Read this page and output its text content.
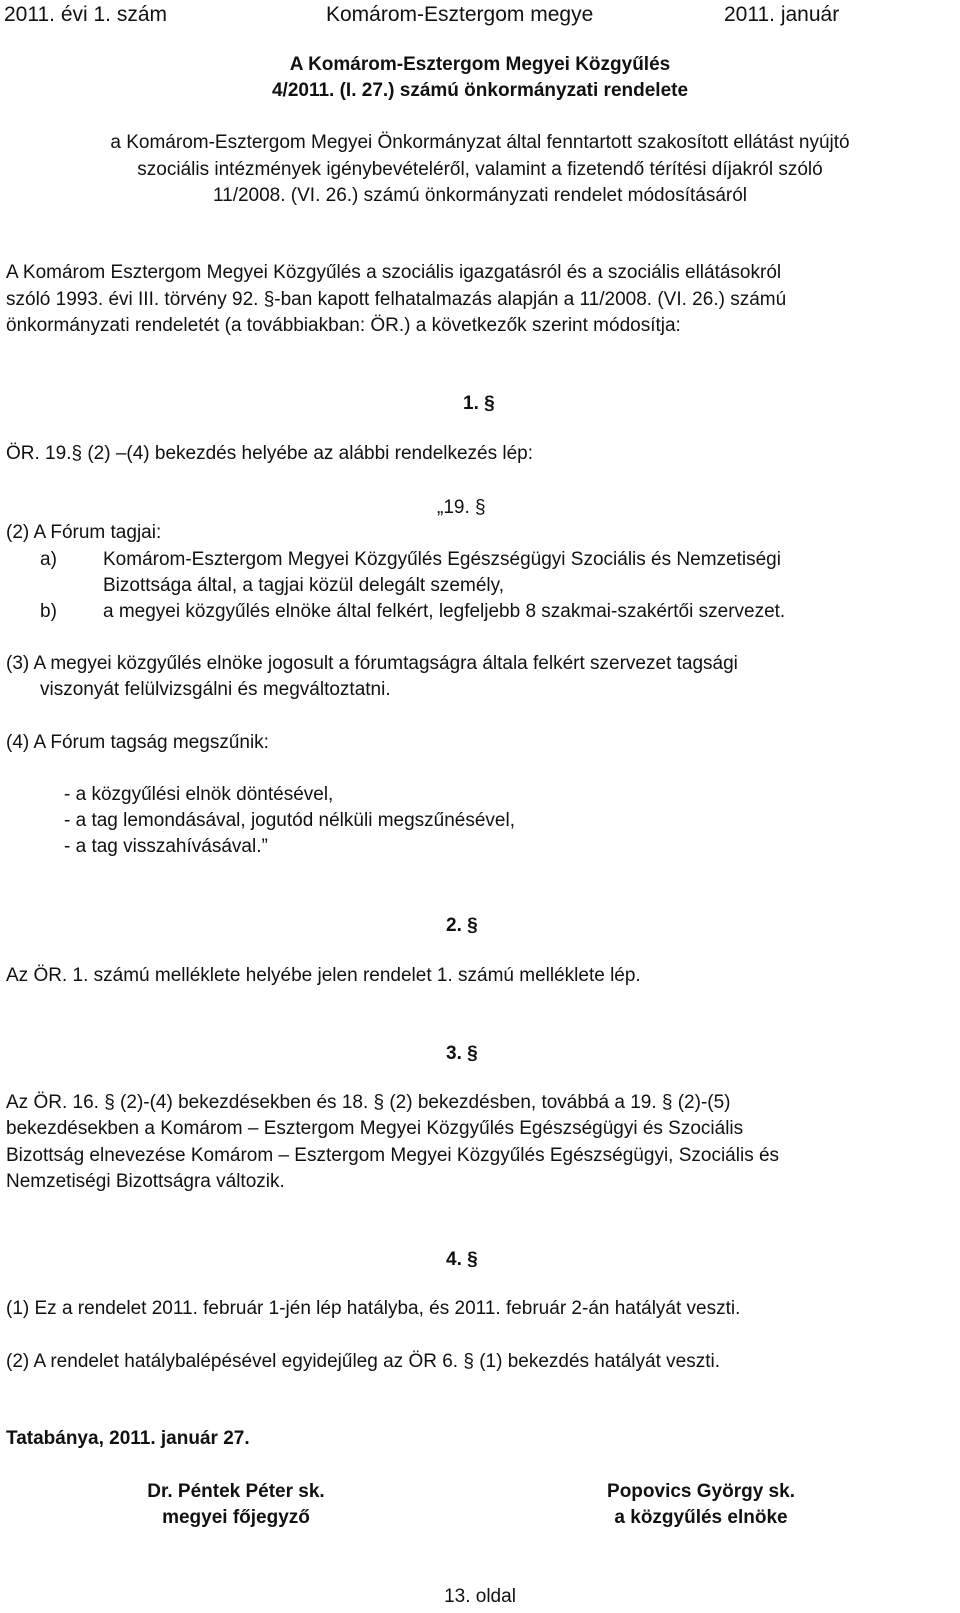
2011. évi 1. szám	Komárom-Esztergom megye	2011. január
A Komárom-Esztergom Megyei Közgyűlés
4/2011. (I. 27.) számú önkormányzati rendelete
a Komárom-Esztergom Megyei Önkormányzat által fenntartott szakosított ellátást nyújtó
szociális intézmények igénybevételéről, valamint a fizetendő térítési díjakról szóló
11/2008. (VI. 26.) számú önkormányzati rendelet módosításáról
A Komárom Esztergom Megyei Közgyűlés a szociális igazgatásról és a szociális ellátásokról
szóló 1993. évi III. törvény 92. §-ban kapott felhatalmazás alapján a 11/2008. (VI. 26.) számú
önkormányzati rendeletét (a továbbiakban: ÖR.) a következők szerint módosítja:
1. §
ÖR. 19.§ (2) –(4) bekezdés helyébe az alábbi rendelkezés lép:
„19. §
(2) A Fórum tagjai:
a) Komárom-Esztergom Megyei Közgyűlés Egészségügyi Szociális és Nemzetiségi
Bizottsága által, a tagjai közül delegált személy,
b) a megyei közgyűlés elnöke által felkért, legfeljebb 8 szakmai-szakértői szervezet.
(3) A megyei közgyűlés elnöke jogosult a fórumtagságra általa felkért szervezet tagsági
viszonyát felülvizsgálni és megváltoztatni.
(4) A Fórum tagság megszűnik:
- a közgyűlési elnök döntésével,
- a tag lemondásával, jogutód nélküli megszűnésével,
- a tag visszahívásával.”
2. §
Az ÖR. 1. számú melléklete helyébe jelen rendelet 1. számú melléklete lép.
3. §
Az ÖR. 16. § (2)-(4) bekezdésekben és 18. § (2) bekezdésben, továbbá a 19. § (2)-(5)
bekezdésekben a Komárom – Esztergom Megyei Közgyűlés Egészségügyi és Szociális
Bizottság elnevezése Komárom – Esztergom Megyei Közgyűlés Egészségügyi, Szociális és
Nemzetiségi Bizottságra változik.
4. §
(1) Ez a rendelet 2011. február 1-jén lép hatályba, és 2011. február 2-án hatályát veszti.
(2) A rendelet hatálybalépésével egyidejűleg az ÖR 6. § (1) bekezdés hatályát veszti.
Tatabánya, 2011. január 27.
Dr. Péntek Péter sk.
megyei főjegyző
Popovics György sk.
a közgyűlés elnöke
13. oldal
